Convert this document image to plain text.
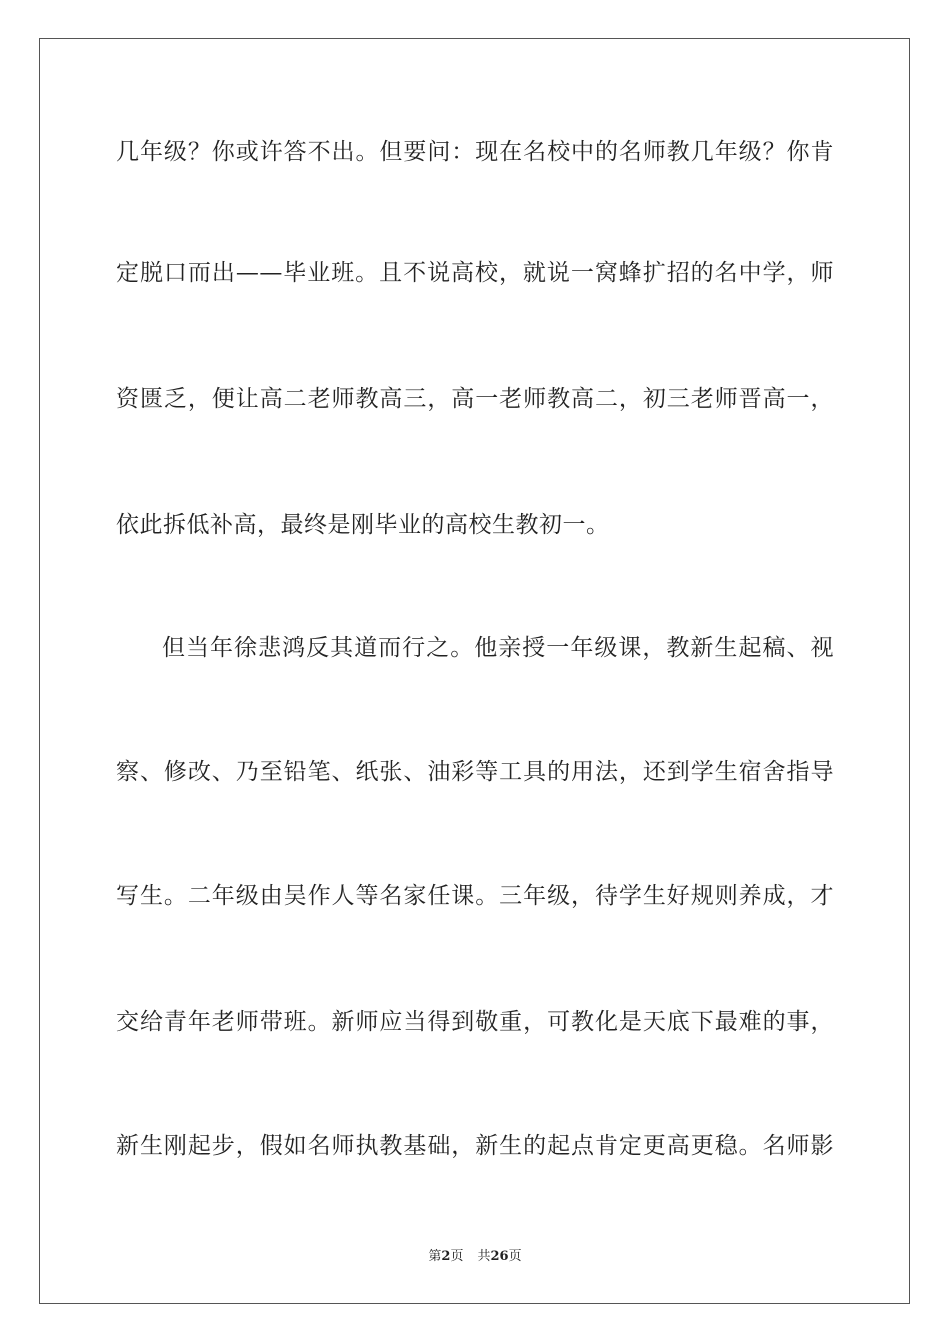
几年级？你或许答不出。但要问：现在名校中的名师教几年级？你肯
定脱口而出——毕业班。且不说高校，就说一窝蜂扩招的名中学，师
资匮乏，便让高二老师教高三，高一老师教高二，初三老师晋高一，
依此拆低补高，最终是刚毕业的高校生教初一。
但当年徐悲鸿反其道而行之。他亲授一年级课，教新生起稿、视
察、修改、乃至铅笔、纸张、油彩等工具的用法，还到学生宿舍指导
写生。二年级由吴作人等名家任课。三年级，待学生好规则养成，才
交给青年老师带班。新师应当得到敬重，可教化是天底下最难的事，
新生刚起步，假如名师执教基础，新生的起点肯定更高更稳。名师影
第2页 共26页
